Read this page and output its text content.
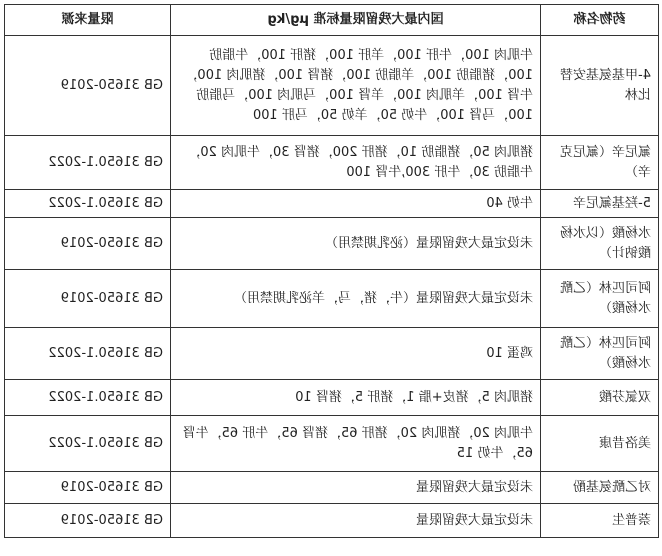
药物名称	国内最大残留限量标准 μg/kg	限量来源
4-甲基氨基安替比林	牛肌肉 100，牛肝 100，羊肝 100，猪肝 100，牛脂肪 100，猪脂肪 100，羊脂肪 100，猪肾 100，猪肌肉 100，牛肾 100，羊肌肉 100，羊肾 100，马肌肉 100，马脂肪 100，马肾 100，牛奶 50，羊奶 50，马肝 100	GB 31650-2019
氟尼辛（氟尼克辛）	猪肌肉 50，猪脂肪 10，猪肝 200，猪肾 30，牛肌肉 20，牛脂肪 30，牛肝 300,牛肾 100	GB 31650.1-2022
5-羟基氟尼辛	牛奶 40	GB 31650.1-2022
水杨酸（以水杨酸钠计）	未设定最大残留限量（泌乳期禁用）	GB 31650-2019
阿司匹林（乙酰水杨酸）	未设定最大残留限量（牛，猪，马，羊泌乳期禁用）	GB 31650-2019
阿司匹林（乙酰水杨酸）	鸡蛋 10	GB 31650.1-2022
双氯芬酸	猪肌肉 5，猪皮+脂 1，猪肝 5，猪肾 10	GB 31650.1-2022
美洛昔康	牛肌肉 20，猪肌肉 20，猪肝 65，猪肾 65，牛肝 65，牛肾 65，牛奶 15	GB 31650.1-2022
对乙酰氨基酚	未设定最大残留限量	GB 31650-2019
萘普生	未设定最大残留限量	GB 31650-2019
